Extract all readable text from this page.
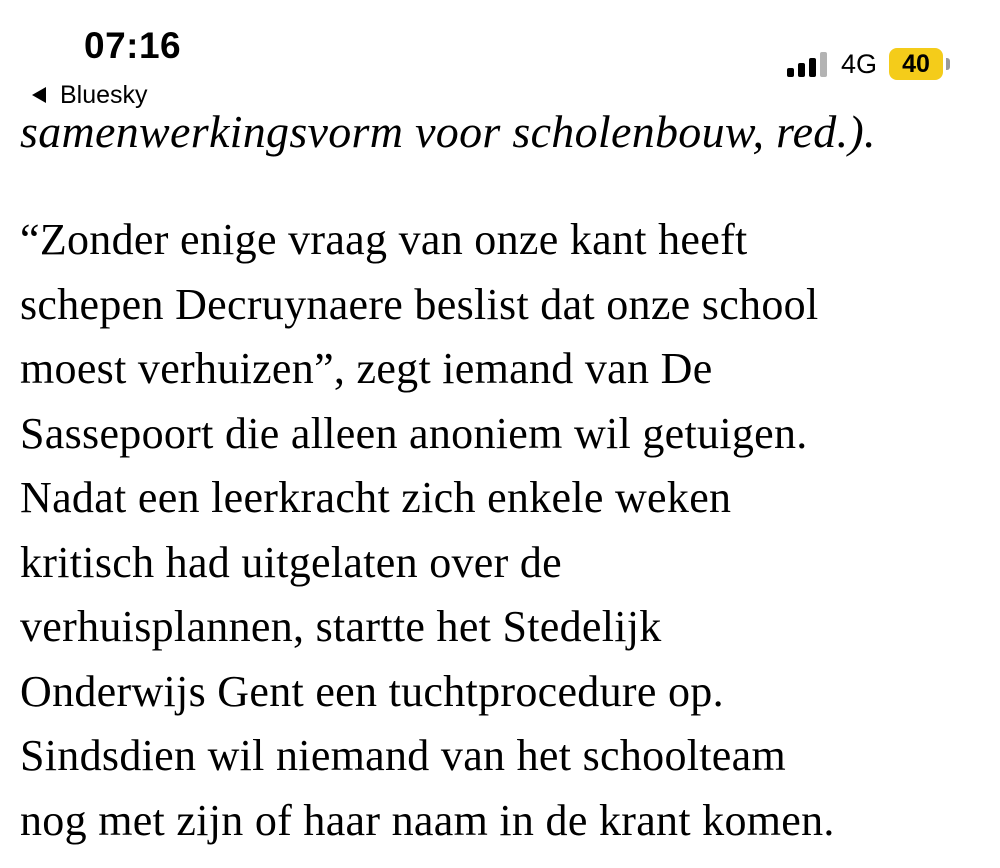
07:16
Bluesky
4G 40
samenwerkingsvorm voor scholenbouw, red.).

“Zonder enige vraag van onze kant heeft
schepen Decruynaere beslist dat onze school
moest verhuizen”, zegt iemand van De
Sassepoort die alleen anoniem wil getuigen.
Nadat een leerkracht zich enkele weken
kritisch had uitgelaten over de
verhuisplannen, startte het Stedelijk
Onderwijs Gent een tuchtprocedure op.
Sindsdien wil niemand van het schoolteam
nog met zijn of haar naam in de krant komen.
